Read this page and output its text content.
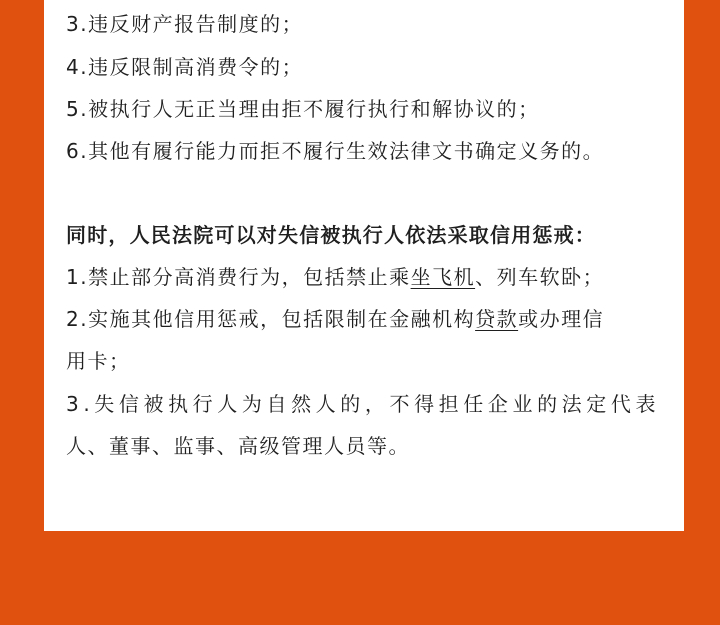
3.违反财产报告制度的；
4.违反限制高消费令的；
5.被执行人无正当理由拒不履行执行和解协议的；
6.其他有履行能力而拒不履行生效法律文书确定义务的。
同时，人民法院可以对失信被执行人依法采取信用惩戒：
1.禁止部分高消费行为，包括禁止乘坐飞机、列车软卧；
2.实施其他信用惩戒，包括限制在金融机构贷款或办理信
用卡；
3.失信被执行人为自然人的，不得担任企业的法定代表
人、董事、监事、高级管理人员等。
